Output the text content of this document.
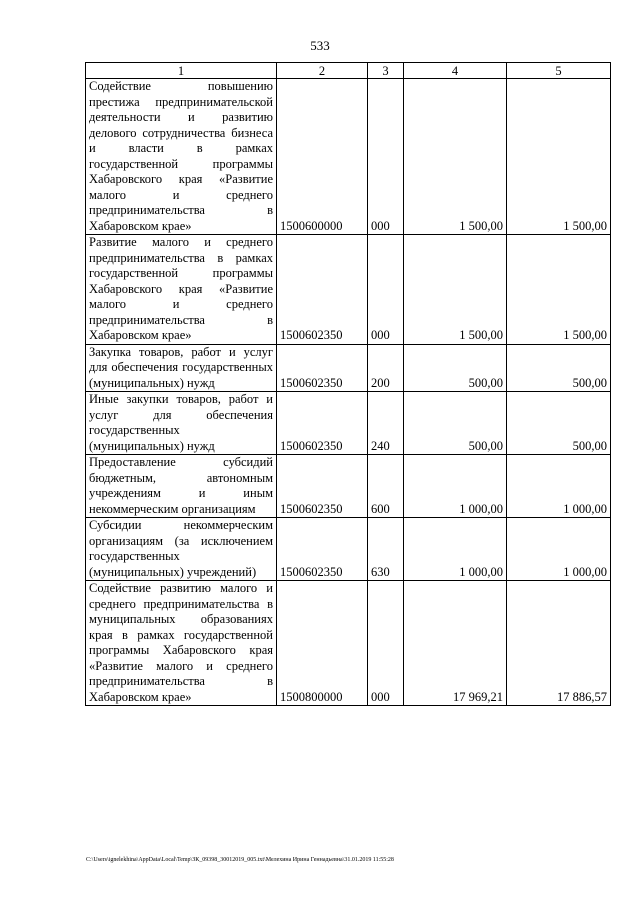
533
1	2	3	4	5
Содействие повышению престижа предпринимательской деятельности и развитию делового сотрудничества бизнеса и власти в рамках государственной программы Хабаровского края «Развитие малого и среднего предпринимательства в Хабаровском крае»	1500600000	000	1 500,00	1 500,00
Развитие малого и среднего предпринимательства в рамках государственной программы Хабаровского края «Развитие малого и среднего предпринимательства в Хабаровском крае»	1500602350	000	1 500,00	1 500,00
Закупка товаров, работ и услуг для обеспечения государственных (муниципальных) нужд	1500602350	200	500,00	500,00
Иные закупки товаров, работ и услуг для обеспечения государственных (муниципальных) нужд	1500602350	240	500,00	500,00
Предоставление субсидий бюджетным, автономным учреждениям и иным некоммерческим организациям	1500602350	600	1 000,00	1 000,00
Субсидии некоммерческим организациям (за исключением государственных (муниципальных) учреждений)	1500602350	630	1 000,00	1 000,00
Содействие развитию малого и среднего предпринимательства в муниципальных образованиях края в рамках государственной программы Хабаровского края «Развитие малого и среднего предпринимательства в Хабаровском крае»	1500800000	000	17 969,21	17 886,57
C:\Users\ignelekhina\AppData\Local\Temp\ЗК_09398_30012019_005.txt\Мелехина Ирина Геннадьевна\31.01.2019 11:55:28
